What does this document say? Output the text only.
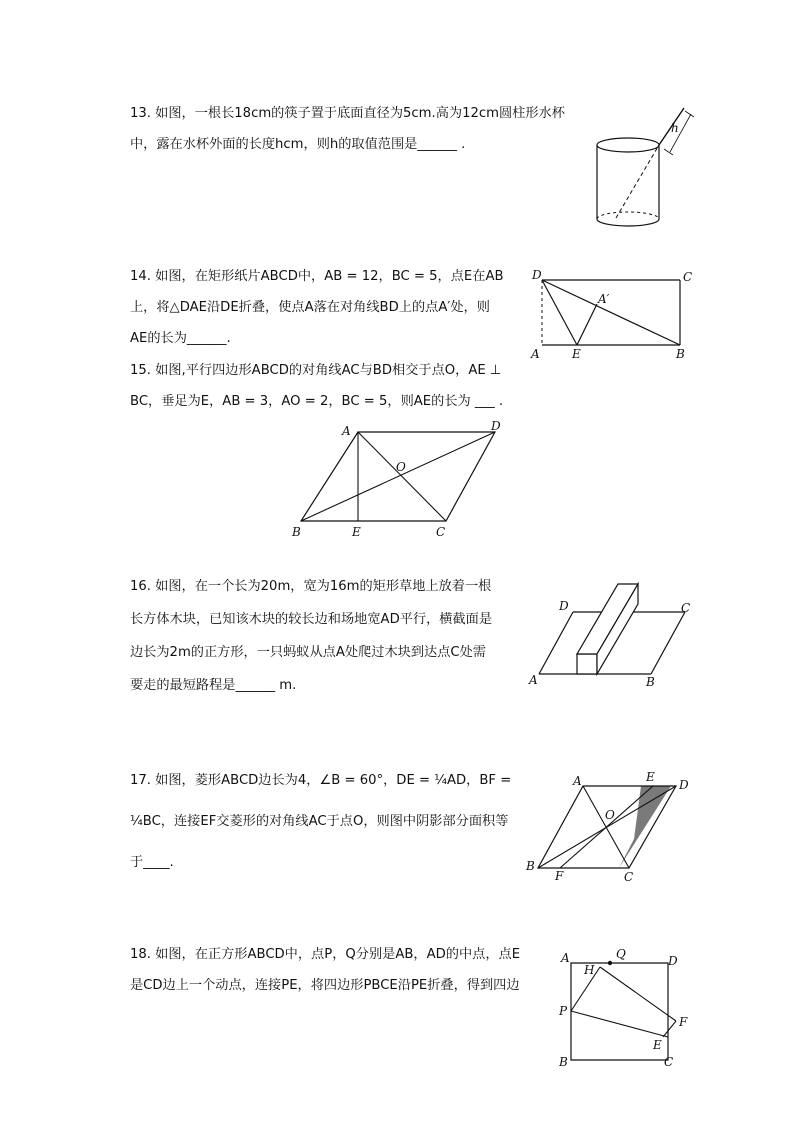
13. 如图，一根长18cm的筷子置于底面直径为5cm.高为12cm圆柱形水杯
中，露在水杯外面的长度hcm，则h的取值范围是______ .
h
14. 如图，在矩形纸片ABCD中，AB = 12，BC = 5，点E在AB
上，将△DAE沿DE折叠，使点A落在对角线BD上的点A′处，则
AE的长为______.
D	C
A′
A	E	B
15. 如图,平行四边形ABCD的对角线AC与BD相交于点O，AE ⊥
BC，垂足为E，AB = 3，AO = 2，BC = 5，则AE的长为 ___ .
A	D
O
B	E	C
16. 如图，在一个长为20m，宽为16m的矩形草地上放着一根
长方体木块，已知该木块的较长边和场地宽AD平行，横截面是
边长为2m的正方形，一只蚂蚁从点A处爬过木块到达点C处需
要走的最短路程是______ m.
D	C
A	B
17. 如图，菱形ABCD边长为4，∠B = 60°，DE = ¼AD，BF =
¼BC，连接EF交菱形的对角线AC于点O，则图中阴影部分面积等
于____.
A	E
D
O
B
F	C
18. 如图，在正方形ABCD中，点P，Q分别是AB，AD的中点，点E
是CD边上一个动点，连接PE，将四边形PBCE沿PE折叠，得到四边
A	Q	D
H
P
F
E
B	C
